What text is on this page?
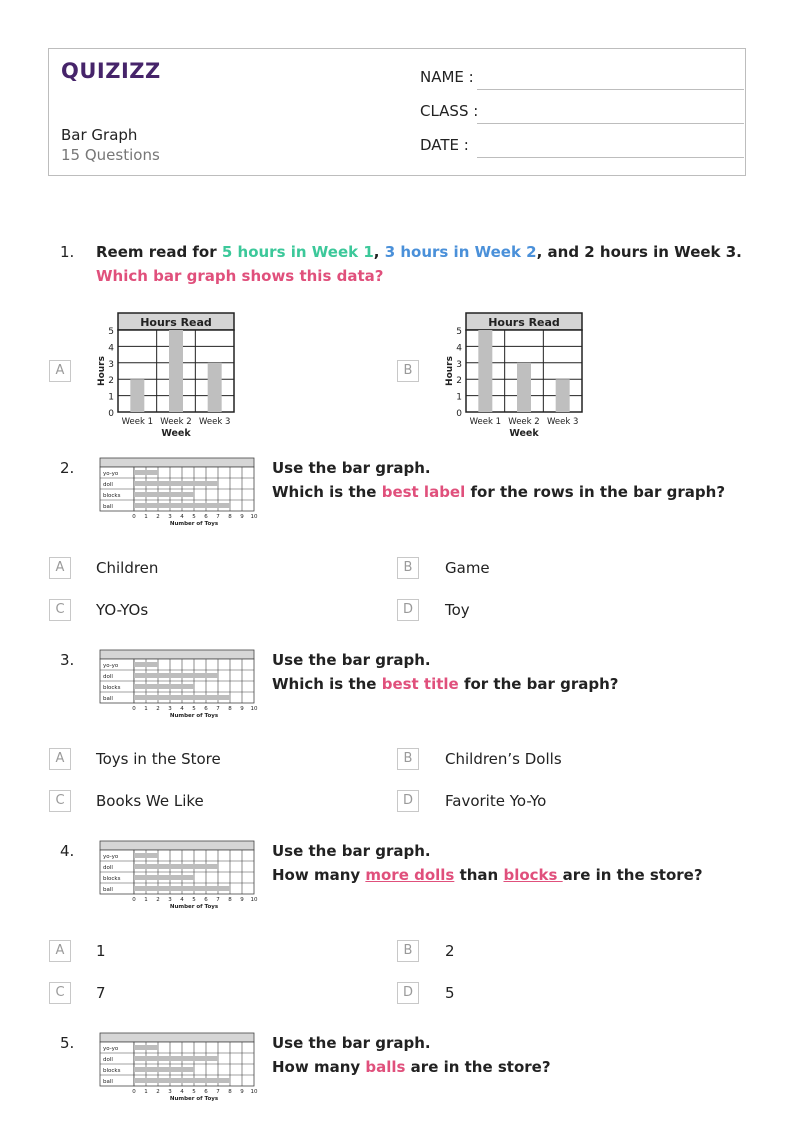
QUIZIZZ
Bar Graph
15 Questions
NAME :
CLASS :
DATE :
1. Reem read for 5 hours in Week 1, 3 hours in Week 2, and 2 hours in Week 3. Which bar graph shows this data?
A
Hours Read
0
1
2
3
4
5
Hours
Week 1 Week 2 Week 3
Week
B
Hours Read
0
1
2
3
4
5
Hours
Week 1 Week 2 Week 3
Week
2.	yo-yo
doll
blocks
ball
0 1 2 3 4 5 6 7 8 9 10
Number of Toys
Use the bar graph.
Which is the best label for the rows in the bar graph?
A	Children	B	Game
C	YO-YOs	D	Toy
3.	yo-yo
doll
blocks
ball
0 1 2 3 4 5 6 7 8 9 10
Number of Toys
Use the bar graph.
Which is the best title for the bar graph?
A	Toys in the Store	B	Children’s Dolls
C	Books We Like	D	Favorite Yo-Yo
4.	yo-yo
doll
blocks
ball
0 1 2 3 4 5 6 7 8 9 10
Number of Toys
Use the bar graph.
How many more dolls than blocks are in the store?
A	1	B	2
C	7	D	5
5.	yo-yo
doll
blocks
ball
0 1 2 3 4 5 6 7 8 9 10
Number of Toys
Use the bar graph.
How many balls are in the store?
